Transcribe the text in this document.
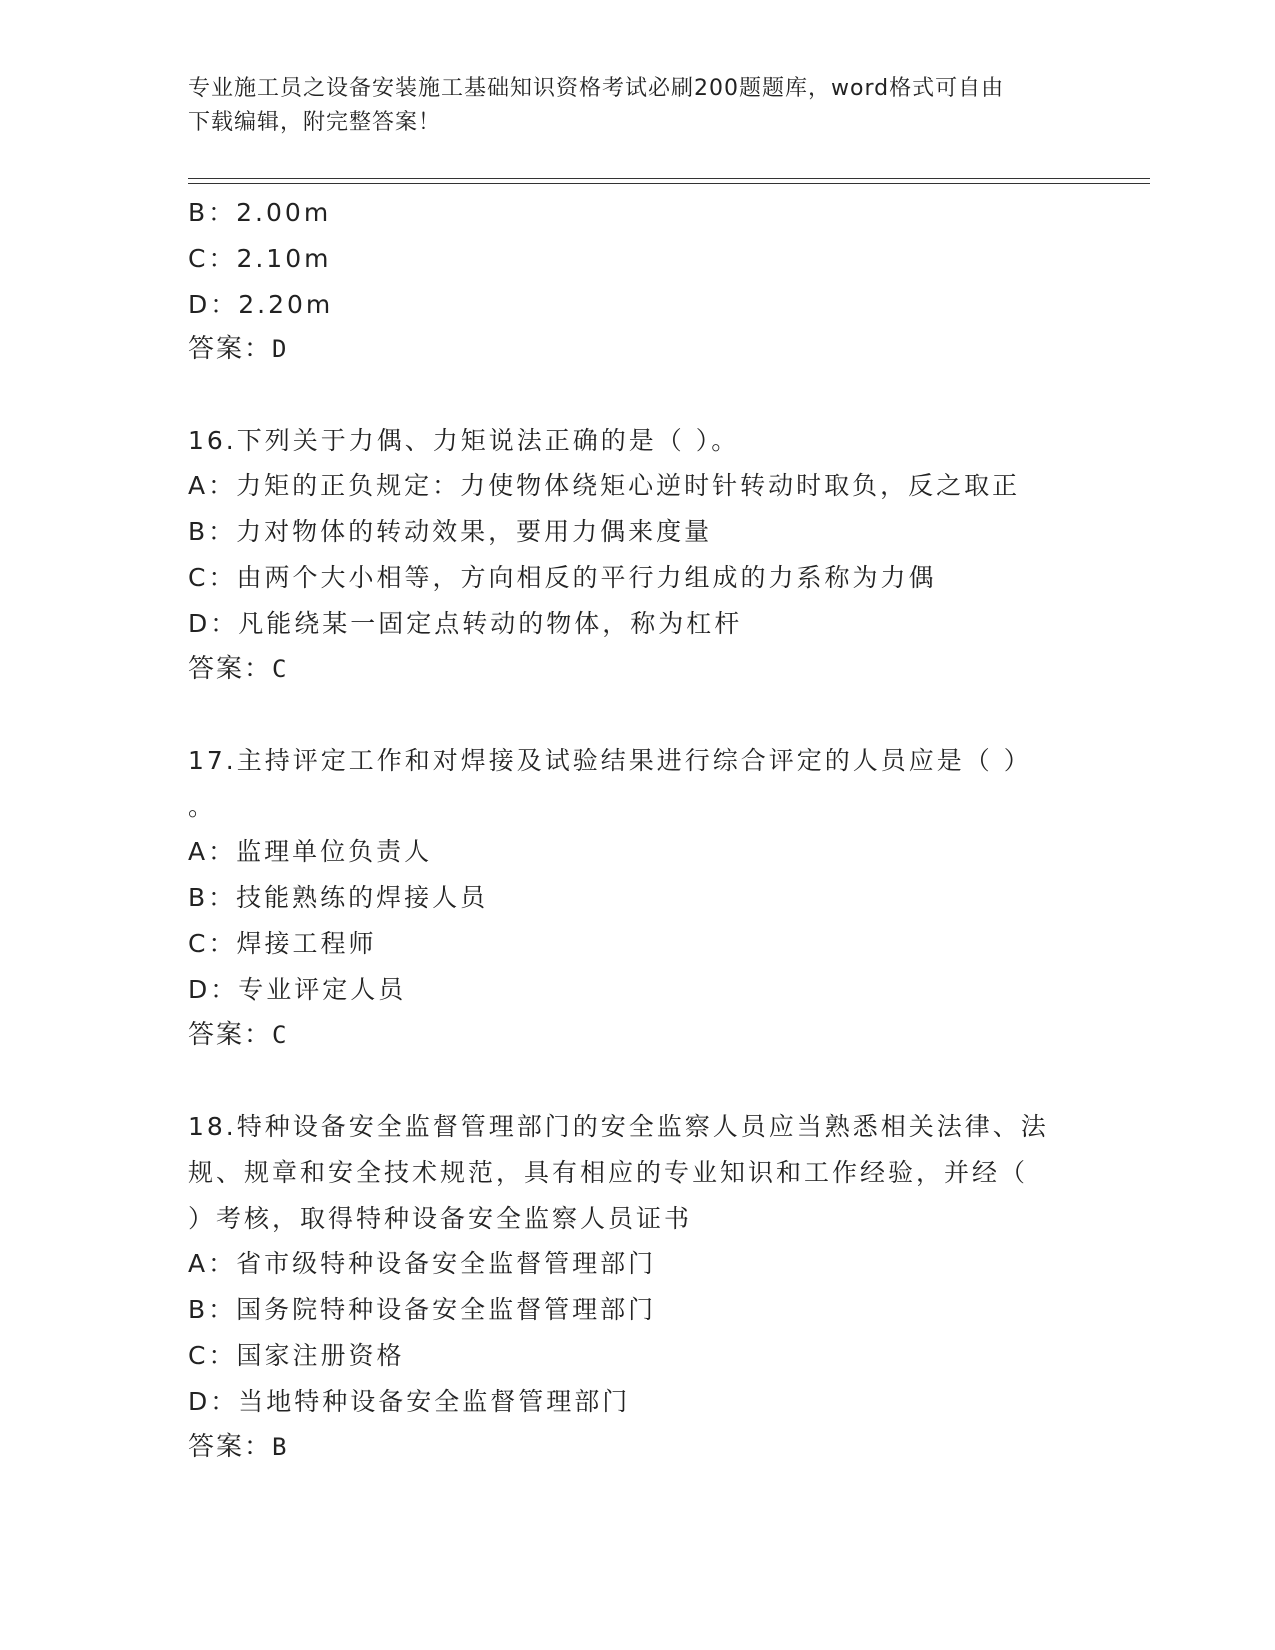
专业施工员之设备安装施工基础知识资格考试必刷200题题库，word格式可自由
下载编辑，附完整答案！
B：2.00m
C：2.10m
D：2.20m
答案：D
16.下列关于力偶、力矩说法正确的是（ ）。
A：力矩的正负规定：力使物体绕矩心逆时针转动时取负，反之取正
B：力对物体的转动效果，要用力偶来度量
C：由两个大小相等，方向相反的平行力组成的力系称为力偶
D：凡能绕某一固定点转动的物体，称为杠杆
答案：C
17.主持评定工作和对焊接及试验结果进行综合评定的人员应是（ ）
。
A：监理单位负责人
B：技能熟练的焊接人员
C：焊接工程师
D：专业评定人员
答案：C
18.特种设备安全监督管理部门的安全监察人员应当熟悉相关法律、法
规、规章和安全技术规范，具有相应的专业知识和工作经验，并经（
）考核，取得特种设备安全监察人员证书
A：省市级特种设备安全监督管理部门
B：国务院特种设备安全监督管理部门
C：国家注册资格
D：当地特种设备安全监督管理部门
答案：B
